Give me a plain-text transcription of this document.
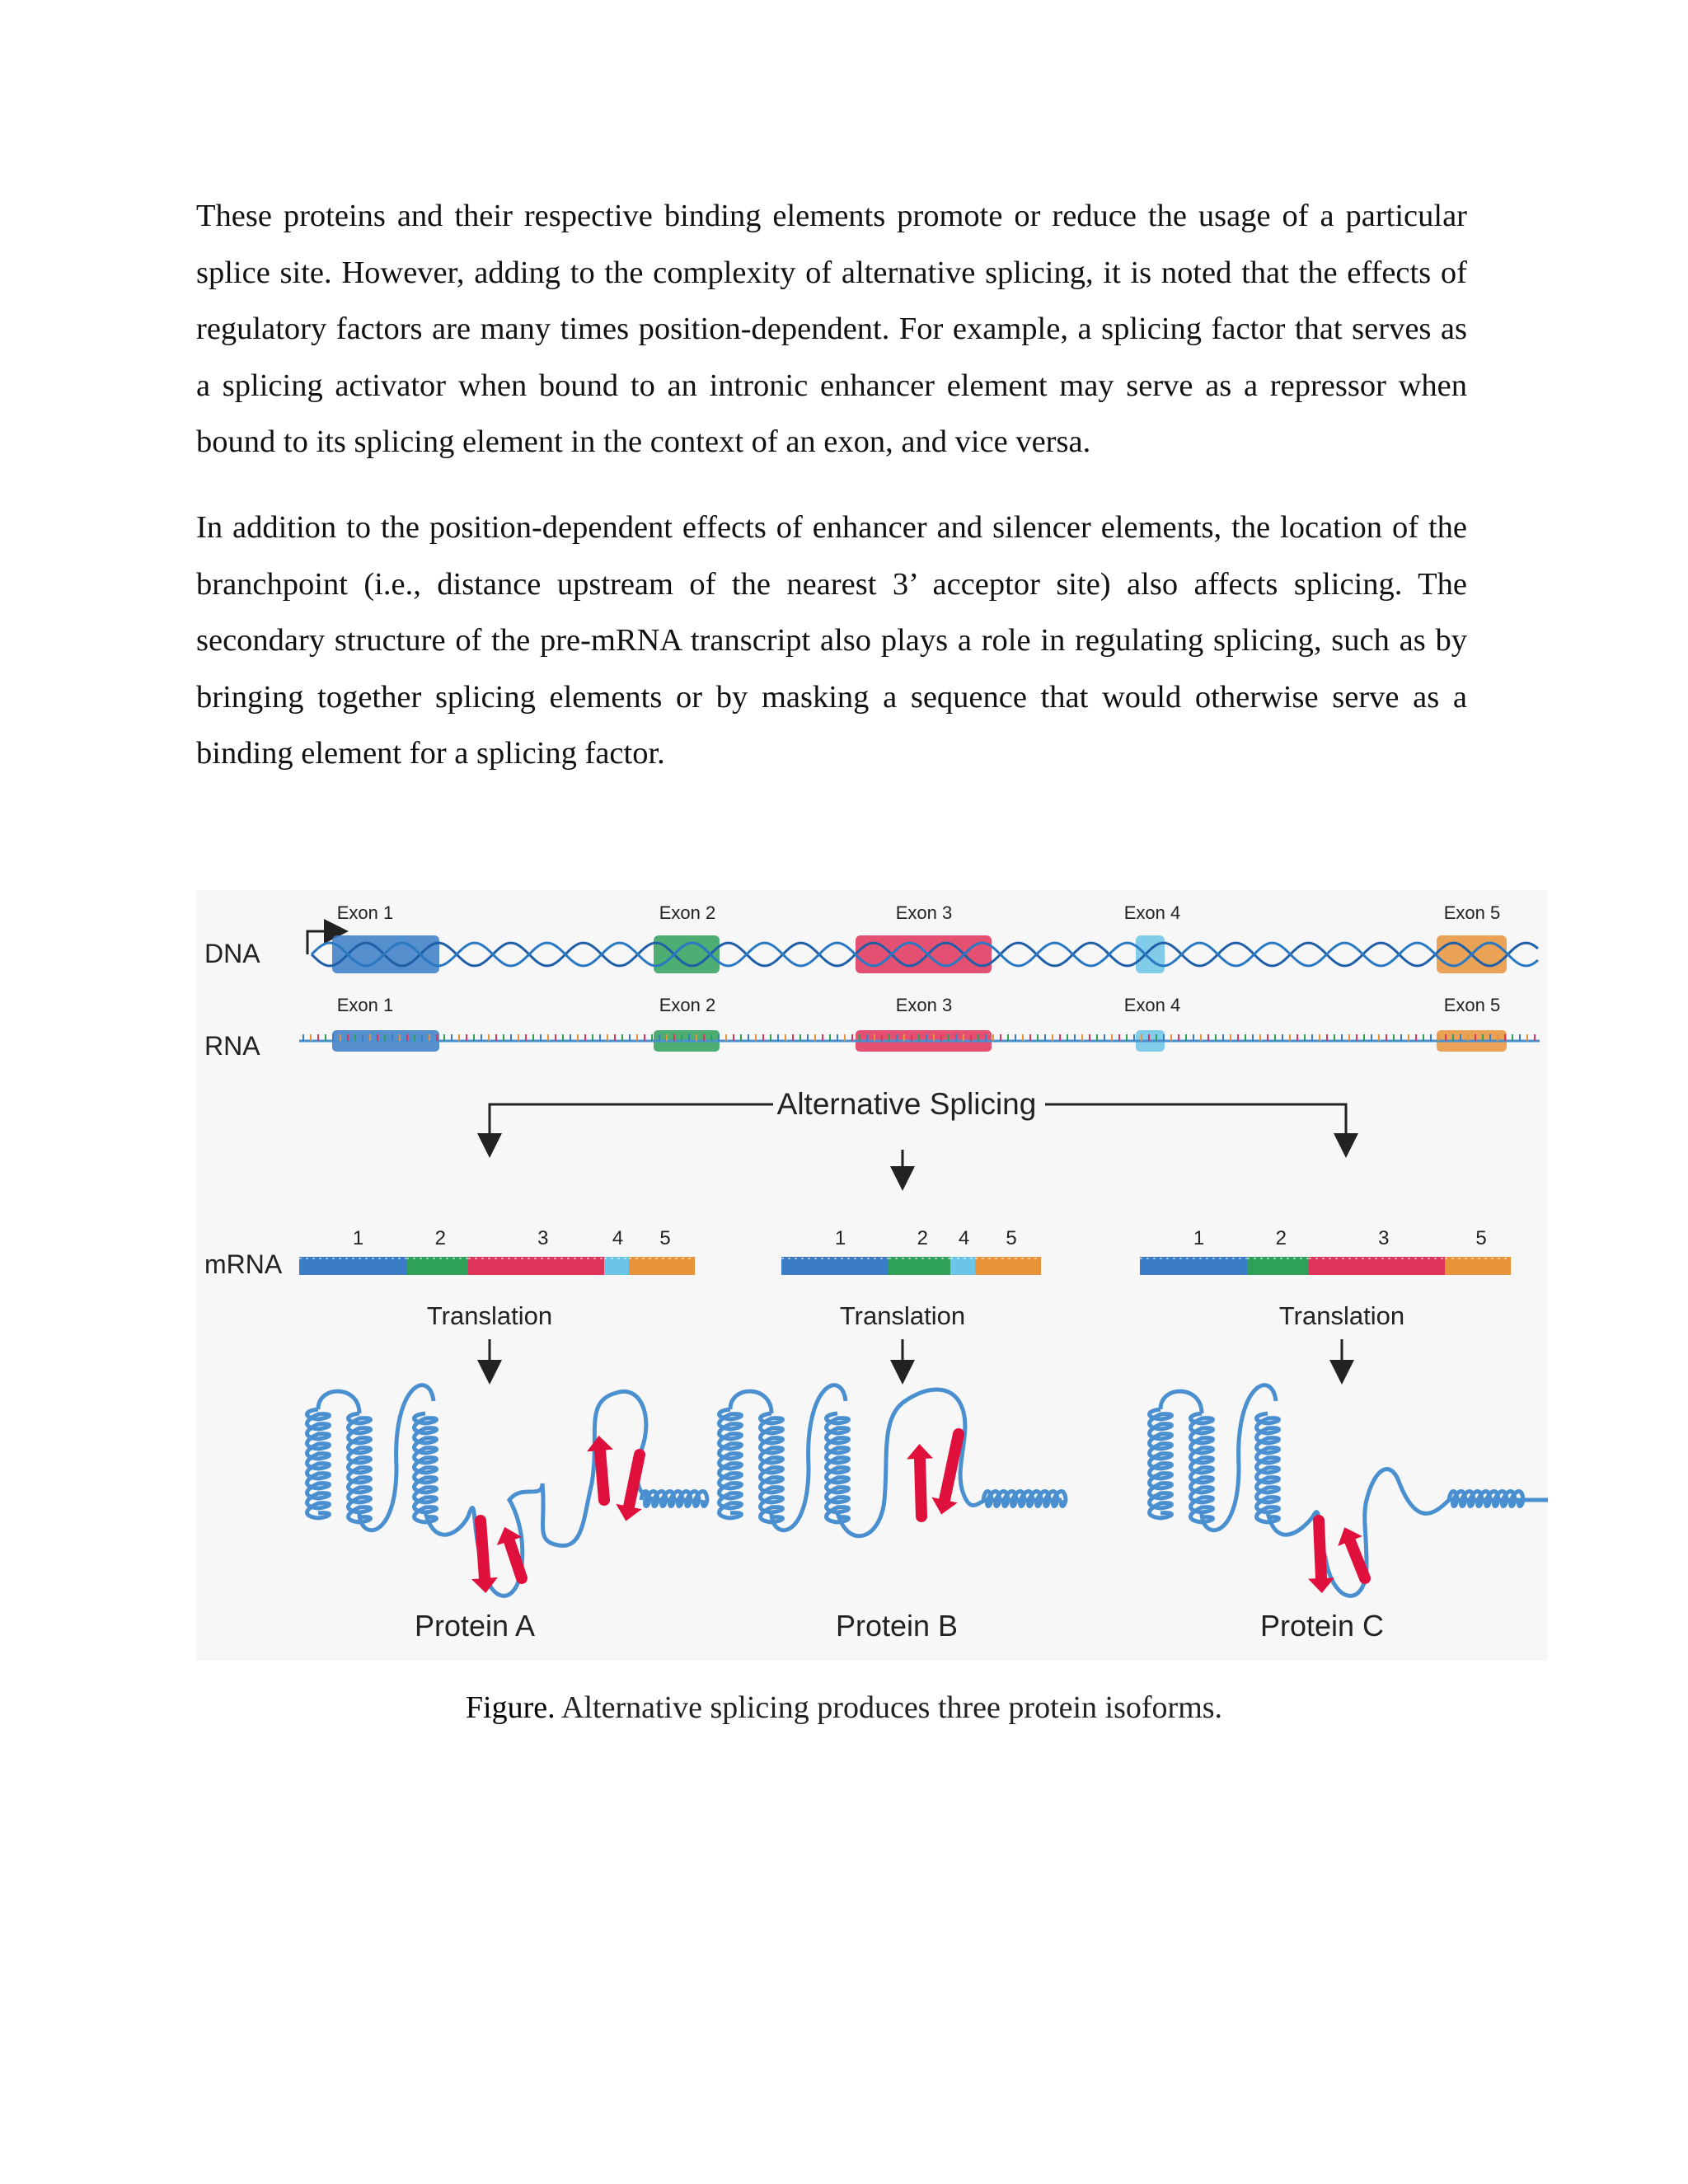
These proteins and their respective binding elements promote or reduce the usage of a particular splice site. However, adding to the complexity of alternative splicing, it is noted that the effects of regulatory factors are many times position-dependent. For example, a splicing factor that serves as a splicing activator when bound to an intronic enhancer element may serve as a repressor when bound to its splicing element in the context of an exon, and vice versa.

In addition to the position-dependent effects of enhancer and silencer elements, the location of the branchpoint (i.e., distance upstream of the nearest 3’ acceptor site) also affects splicing. The secondary structure of the pre-mRNA transcript also plays a role in regulating splicing, such as by bringing together splicing elements or by masking a sequence that would otherwise serve as a binding element for a splicing factor.

DNA
RNA
mRNA
Exon 1	Exon 2	Exon 3	Exon 4	Exon 5
Exon 1	Exon 2	Exon 3	Exon 4	Exon 5
Alternative Splicing
1	2	3	4 5	1	2 4 5	1	2	3	5
Translation	Translation	Translation
Protein A	Protein B	Protein C
Figure. Alternative splicing produces three protein isoforms.
